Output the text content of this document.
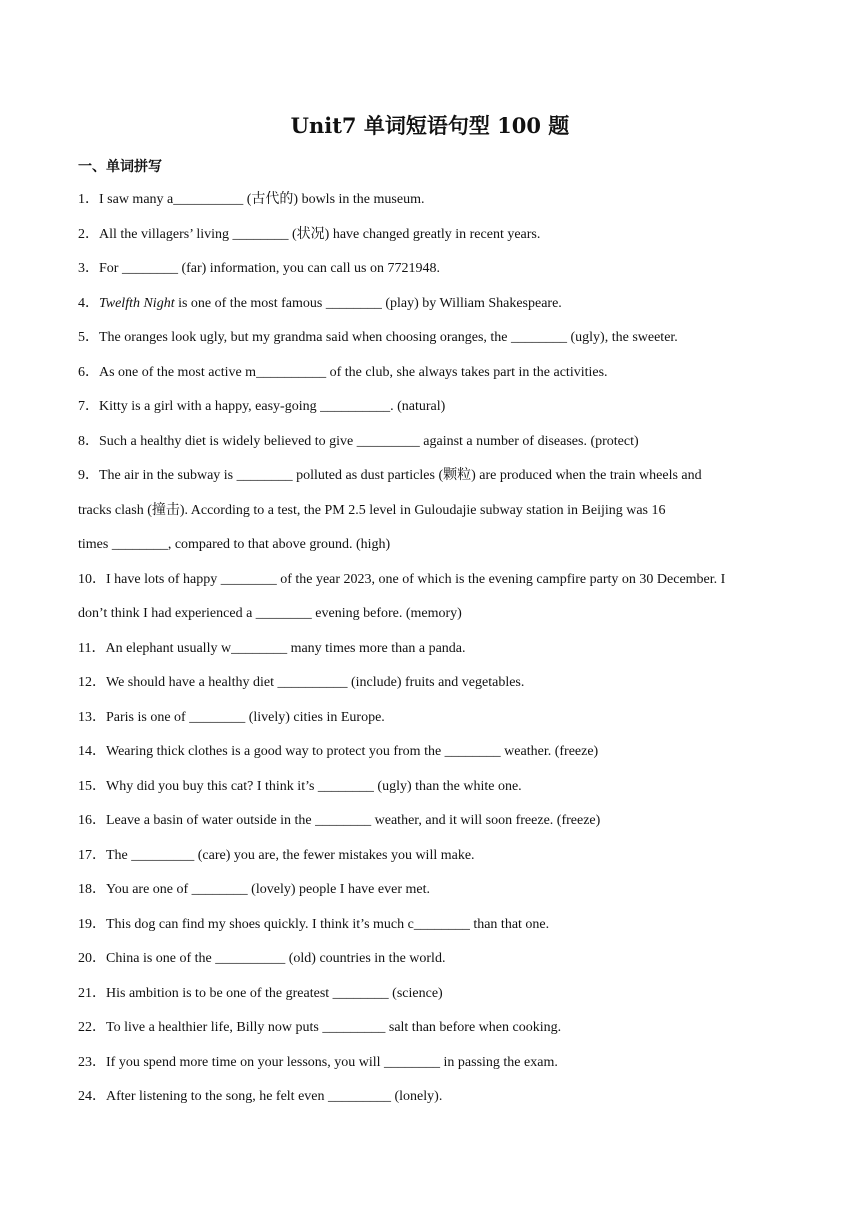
Unit7 单词短语句型 100 题
一、单词拼写
1．I saw many a__________ (古代的) bowls in the museum.
2．All the villagers’ living ________ (状况) have changed greatly in recent years.
3．For ________ (far) information, you can call us on 7721948.
4．Twelfth Night is one of the most famous ________ (play) by William Shakespeare.
5．The oranges look ugly, but my grandma said when choosing oranges, the ________ (ugly), the sweeter.
6．As one of the most active m__________ of the club, she always takes part in the activities.
7．Kitty is a girl with a happy, easy-going __________. (natural)
8．Such a healthy diet is widely believed to give _________ against a number of diseases. (protect)
9．The air in the subway is ________ polluted as dust particles (颗粒) are produced when the train wheels and
tracks clash (撞击). According to a test, the PM 2.5 level in Guloudajie subway station in Beijing was 16
times ________, compared to that above ground. (high)
10．I have lots of happy ________ of the year 2023, one of which is the evening campfire party on 30 December. I
don’t think I had experienced a ________ evening before. (memory)
11．An elephant usually w________ many times more than a panda.
12．We should have a healthy diet __________ (include) fruits and vegetables.
13．Paris is one of ________ (lively) cities in Europe.
14．Wearing thick clothes is a good way to protect you from the ________ weather. (freeze)
15．Why did you buy this cat? I think it’s ________ (ugly) than the white one.
16．Leave a basin of water outside in the ________ weather, and it will soon freeze. (freeze)
17．The _________ (care) you are, the fewer mistakes you will make.
18．You are one of ________ (lovely) people I have ever met.
19．This dog can find my shoes quickly. I think it’s much c________ than that one.
20．China is one of the __________ (old) countries in the world.
21．His ambition is to be one of the greatest ________ (science)
22．To live a healthier life, Billy now puts _________ salt than before when cooking.
23．If you spend more time on your lessons, you will ________ in passing the exam.
24．After listening to the song, he felt even _________ (lonely).
